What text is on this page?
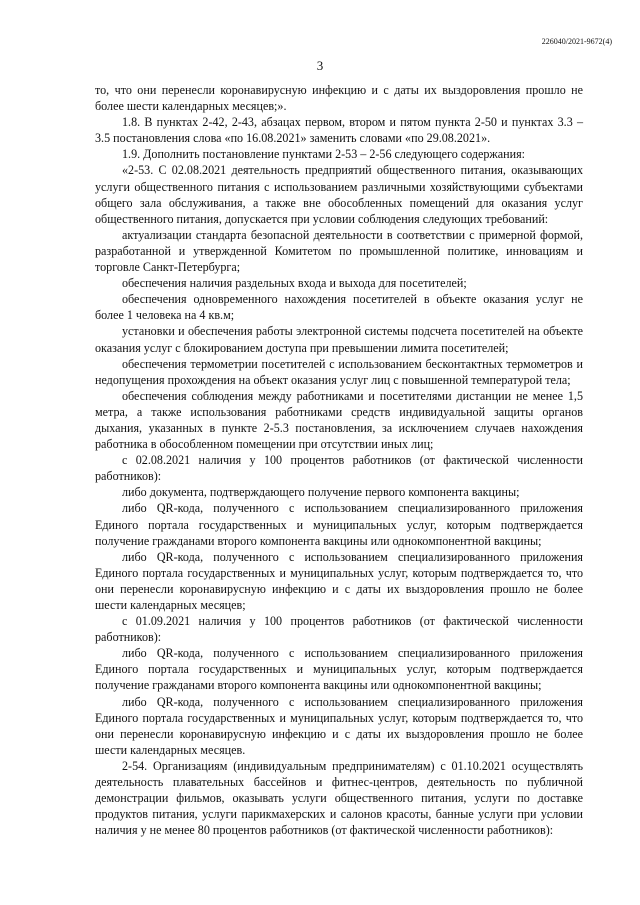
226040/2021-9672(4)
3

то, что они перенесли коронавирусную инфекцию и с даты их выздоровления прошло не более шести календарных месяцев;».

1.8. В пунктах 2-42, 2-43, абзацах первом, втором и пятом пункта 2-50 и пунктах 3.3 – 3.5 постановления слова «по 16.08.2021» заменить словами «по 29.08.2021».

1.9. Дополнить постановление пунктами 2-53 – 2-56 следующего содержания:

«2-53. С 02.08.2021 деятельность предприятий общественного питания, оказывающих услуги общественного питания с использованием различными хозяйствующими субъектами общего зала обслуживания, а также вне обособленных помещений для оказания услуг общественного питания, допускается при условии соблюдения следующих требований:

актуализации стандарта безопасной деятельности в соответствии с примерной формой, разработанной и утвержденной Комитетом по промышленной политике, инновациям и торговле Санкт-Петербурга;

обеспечения наличия раздельных входа и выхода для посетителей;

обеспечения одновременного нахождения посетителей в объекте оказания услуг не более 1 человека на 4 кв.м;

установки и обеспечения работы электронной системы подсчета посетителей на объекте оказания услуг с блокированием доступа при превышении лимита посетителей;

обеспечения термометрии посетителей с использованием бесконтактных термометров и недопущения прохождения на объект оказания услуг лиц с повышенной температурой тела;

обеспечения соблюдения между работниками и посетителями дистанции не менее 1,5 метра, а также использования работниками средств индивидуальной защиты органов дыхания, указанных в пункте 2-5.3 постановления, за исключением случаев нахождения работника в обособленном помещении при отсутствии иных лиц;

с 02.08.2021 наличия у 100 процентов работников (от фактической численности работников):

либо документа, подтверждающего получение первого компонента вакцины;

либо QR-кода, полученного с использованием специализированного приложения Единого портала государственных и муниципальных услуг, которым подтверждается получение гражданами второго компонента вакцины или однокомпонентной вакцины;

либо QR-кода, полученного с использованием специализированного приложения Единого портала государственных и муниципальных услуг, которым подтверждается то, что они перенесли коронавирусную инфекцию и с даты их выздоровления прошло не более шести календарных месяцев;

с 01.09.2021 наличия у 100 процентов работников (от фактической численности работников):

либо QR-кода, полученного с использованием специализированного приложения Единого портала государственных и муниципальных услуг, которым подтверждается получение гражданами второго компонента вакцины или однокомпонентной вакцины;

либо QR-кода, полученного с использованием специализированного приложения Единого портала государственных и муниципальных услуг, которым подтверждается то, что они перенесли коронавирусную инфекцию и с даты их выздоровления прошло не более шести календарных месяцев.

2-54. Организациям (индивидуальным предпринимателям) с 01.10.2021 осуществлять деятельность плавательных бассейнов и фитнес-центров, деятельность по публичной демонстрации фильмов, оказывать услуги общественного питания, услуги по доставке продуктов питания, услуги парикмахерских и салонов красоты, банные услуги при условии наличия у не менее 80 процентов работников (от фактической численности работников):
